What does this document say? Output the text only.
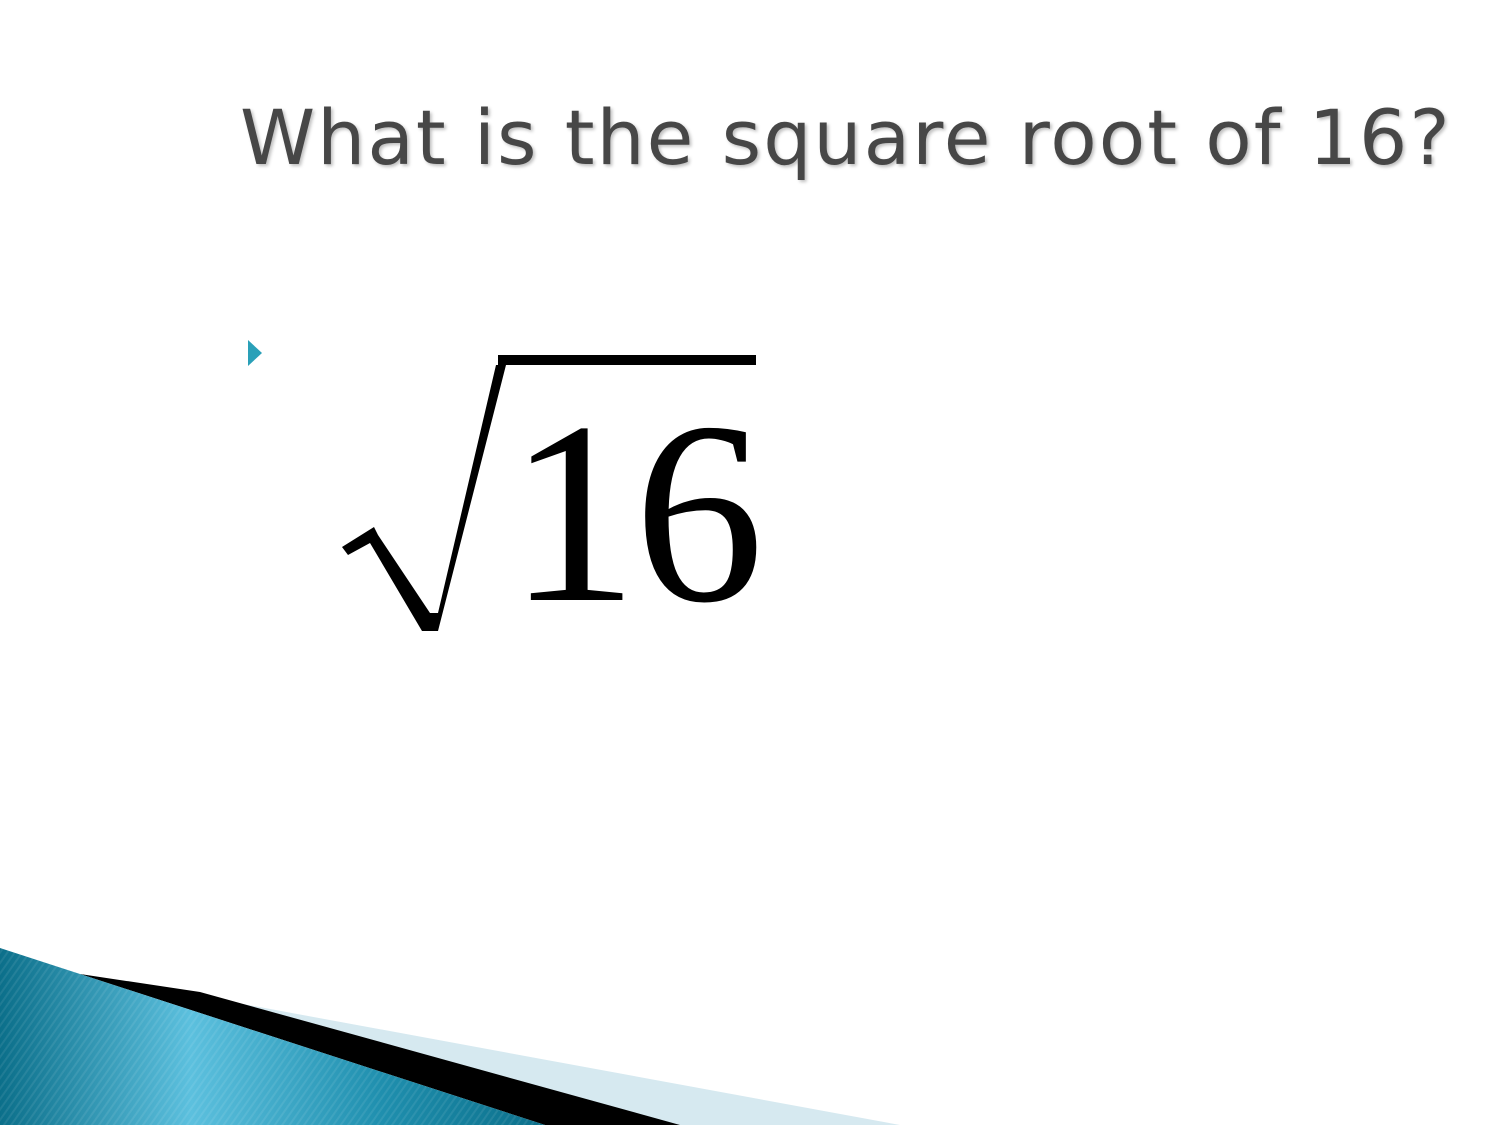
What is the square root of 16?
16
